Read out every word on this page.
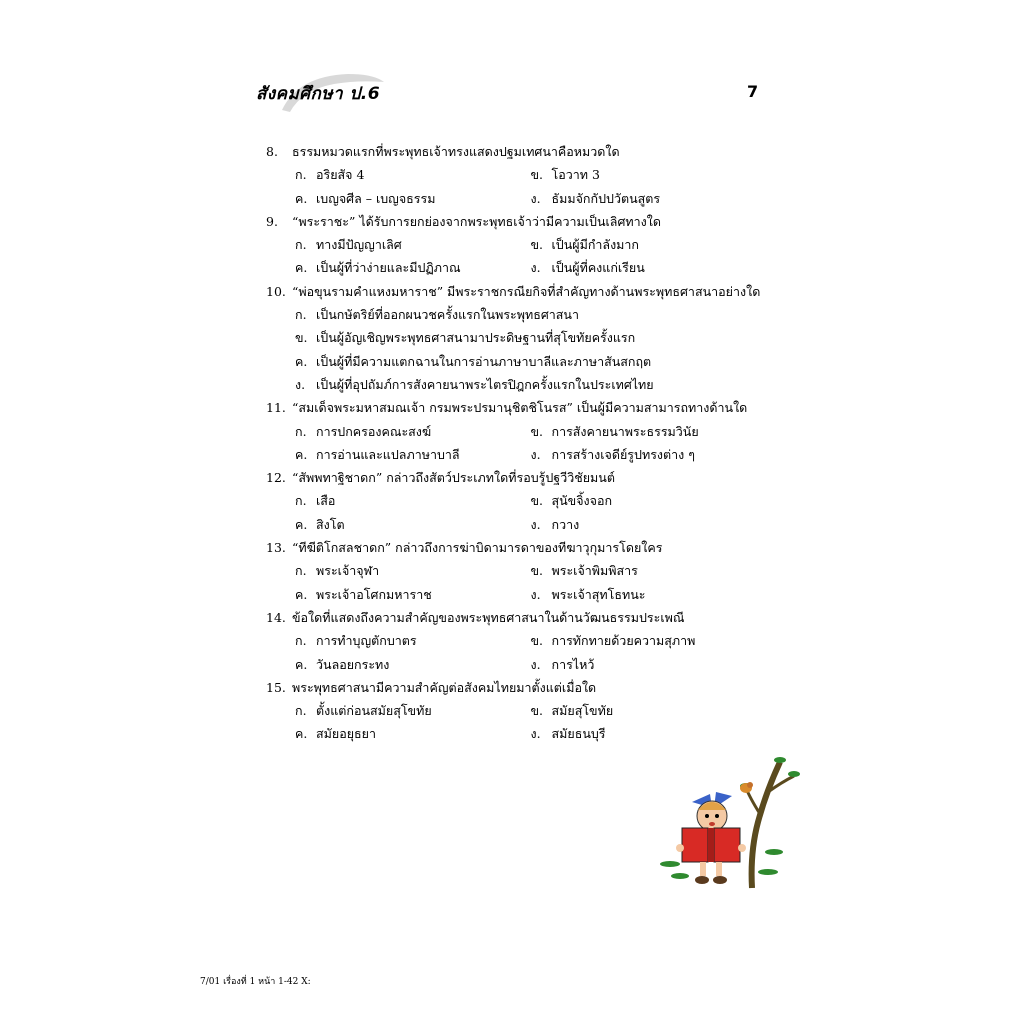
สังคมศึกษา ป.6	7
8.	ธรรมหมวดแรกที่พระพุทธเจ้าทรงแสดงปฐมเทศนาคือหมวดใด
ก. อริยสัจ 4	ข. โอวาท 3
ค. เบญจศีล – เบญจธรรม	ง. ธัมมจักกัปปวัตนสูตร
9.	“พระราชะ” ได้รับการยกย่องจากพระพุทธเจ้าว่ามีความเป็นเลิศทางใด
ก. ทางมีปัญญาเลิศ	ข. เป็นผู้มีกำลังมาก
ค. เป็นผู้ที่ว่าง่ายและมีปฏิภาณ	ง. เป็นผู้ที่คงแก่เรียน
10. “พ่อขุนรามคำแหงมหาราช” มีพระราชกรณียกิจที่สำคัญทางด้านพระพุทธศาสนาอย่างใด
ก. เป็นกษัตริย์ที่ออกผนวชครั้งแรกในพระพุทธศาสนา
ข. เป็นผู้อัญเชิญพระพุทธศาสนามาประดิษฐานที่สุโขทัยครั้งแรก
ค. เป็นผู้ที่มีความแตกฉานในการอ่านภาษาบาลีและภาษาสันสกฤต
ง. เป็นผู้ที่อุปถัมภ์การสังคายนาพระไตรปิฎกครั้งแรกในประเทศไทย
11. “สมเด็จพระมหาสมณเจ้า กรมพระปรมานุชิตชิโนรส” เป็นผู้มีความสามารถทางด้านใด
ก. การปกครองคณะสงฆ์	ข. การสังคายนาพระธรรมวินัย
ค. การอ่านและแปลภาษาบาลี	ง. การสร้างเจดีย์รูปทรงต่าง ๆ
12. “สัพพทาฐิชาดก” กล่าวถึงสัตว์ประเภทใดที่รอบรู้ปฐวีวิชัยมนต์
ก. เสือ	ข. สุนัขจิ้งจอก
ค. สิงโต	ง. กวาง
13. “ทีฆีติโกสลชาดก” กล่าวถึงการฆ่าบิดามารดาของทีฆาวุกุมารโดยใคร
ก. พระเจ้าจุฬา	ข. พระเจ้าพิมพิสาร
ค. พระเจ้าอโศกมหาราช	ง. พระเจ้าสุทโธทนะ
14. ข้อใดที่แสดงถึงความสำคัญของพระพุทธศาสนาในด้านวัฒนธรรมประเพณี
ก. การทำบุญตักบาตร	ข. การทักทายด้วยความสุภาพ
ค. วันลอยกระทง	ง. การไหว้
15. พระพุทธศาสนามีความสำคัญต่อสังคมไทยมาตั้งแต่เมื่อใด
ก. ตั้งแต่ก่อนสมัยสุโขทัย	ข. สมัยสุโขทัย
ค. สมัยอยุธยา	ง. สมัยธนบุรี
7/01 เรื่องที่ 1 หน้า 1-42 X:
